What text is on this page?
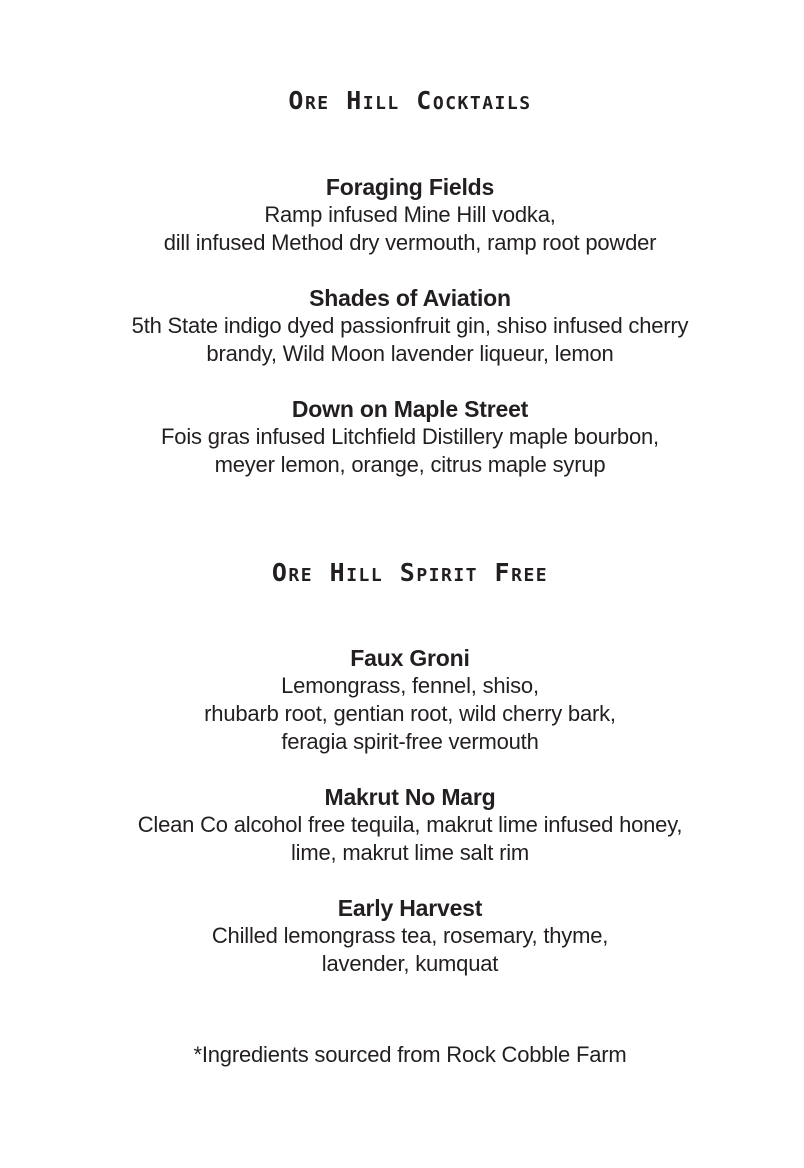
Ore Hill Cocktails
Foraging Fields
Ramp infused Mine Hill vodka,
dill infused Method dry vermouth, ramp root powder
Shades of Aviation
5th State indigo dyed passionfruit gin, shiso infused cherry
brandy, Wild Moon lavender liqueur, lemon
Down on Maple Street
Fois gras infused Litchfield Distillery maple bourbon,
meyer lemon, orange, citrus maple syrup
Ore Hill Spirit Free
Faux Groni
Lemongrass, fennel, shiso,
rhubarb root, gentian root, wild cherry bark,
feragia spirit-free vermouth
Makrut No Marg
Clean Co alcohol free tequila, makrut lime infused honey,
lime, makrut lime salt rim
Early Harvest
Chilled lemongrass tea, rosemary, thyme,
lavender, kumquat
*Ingredients sourced from Rock Cobble Farm
